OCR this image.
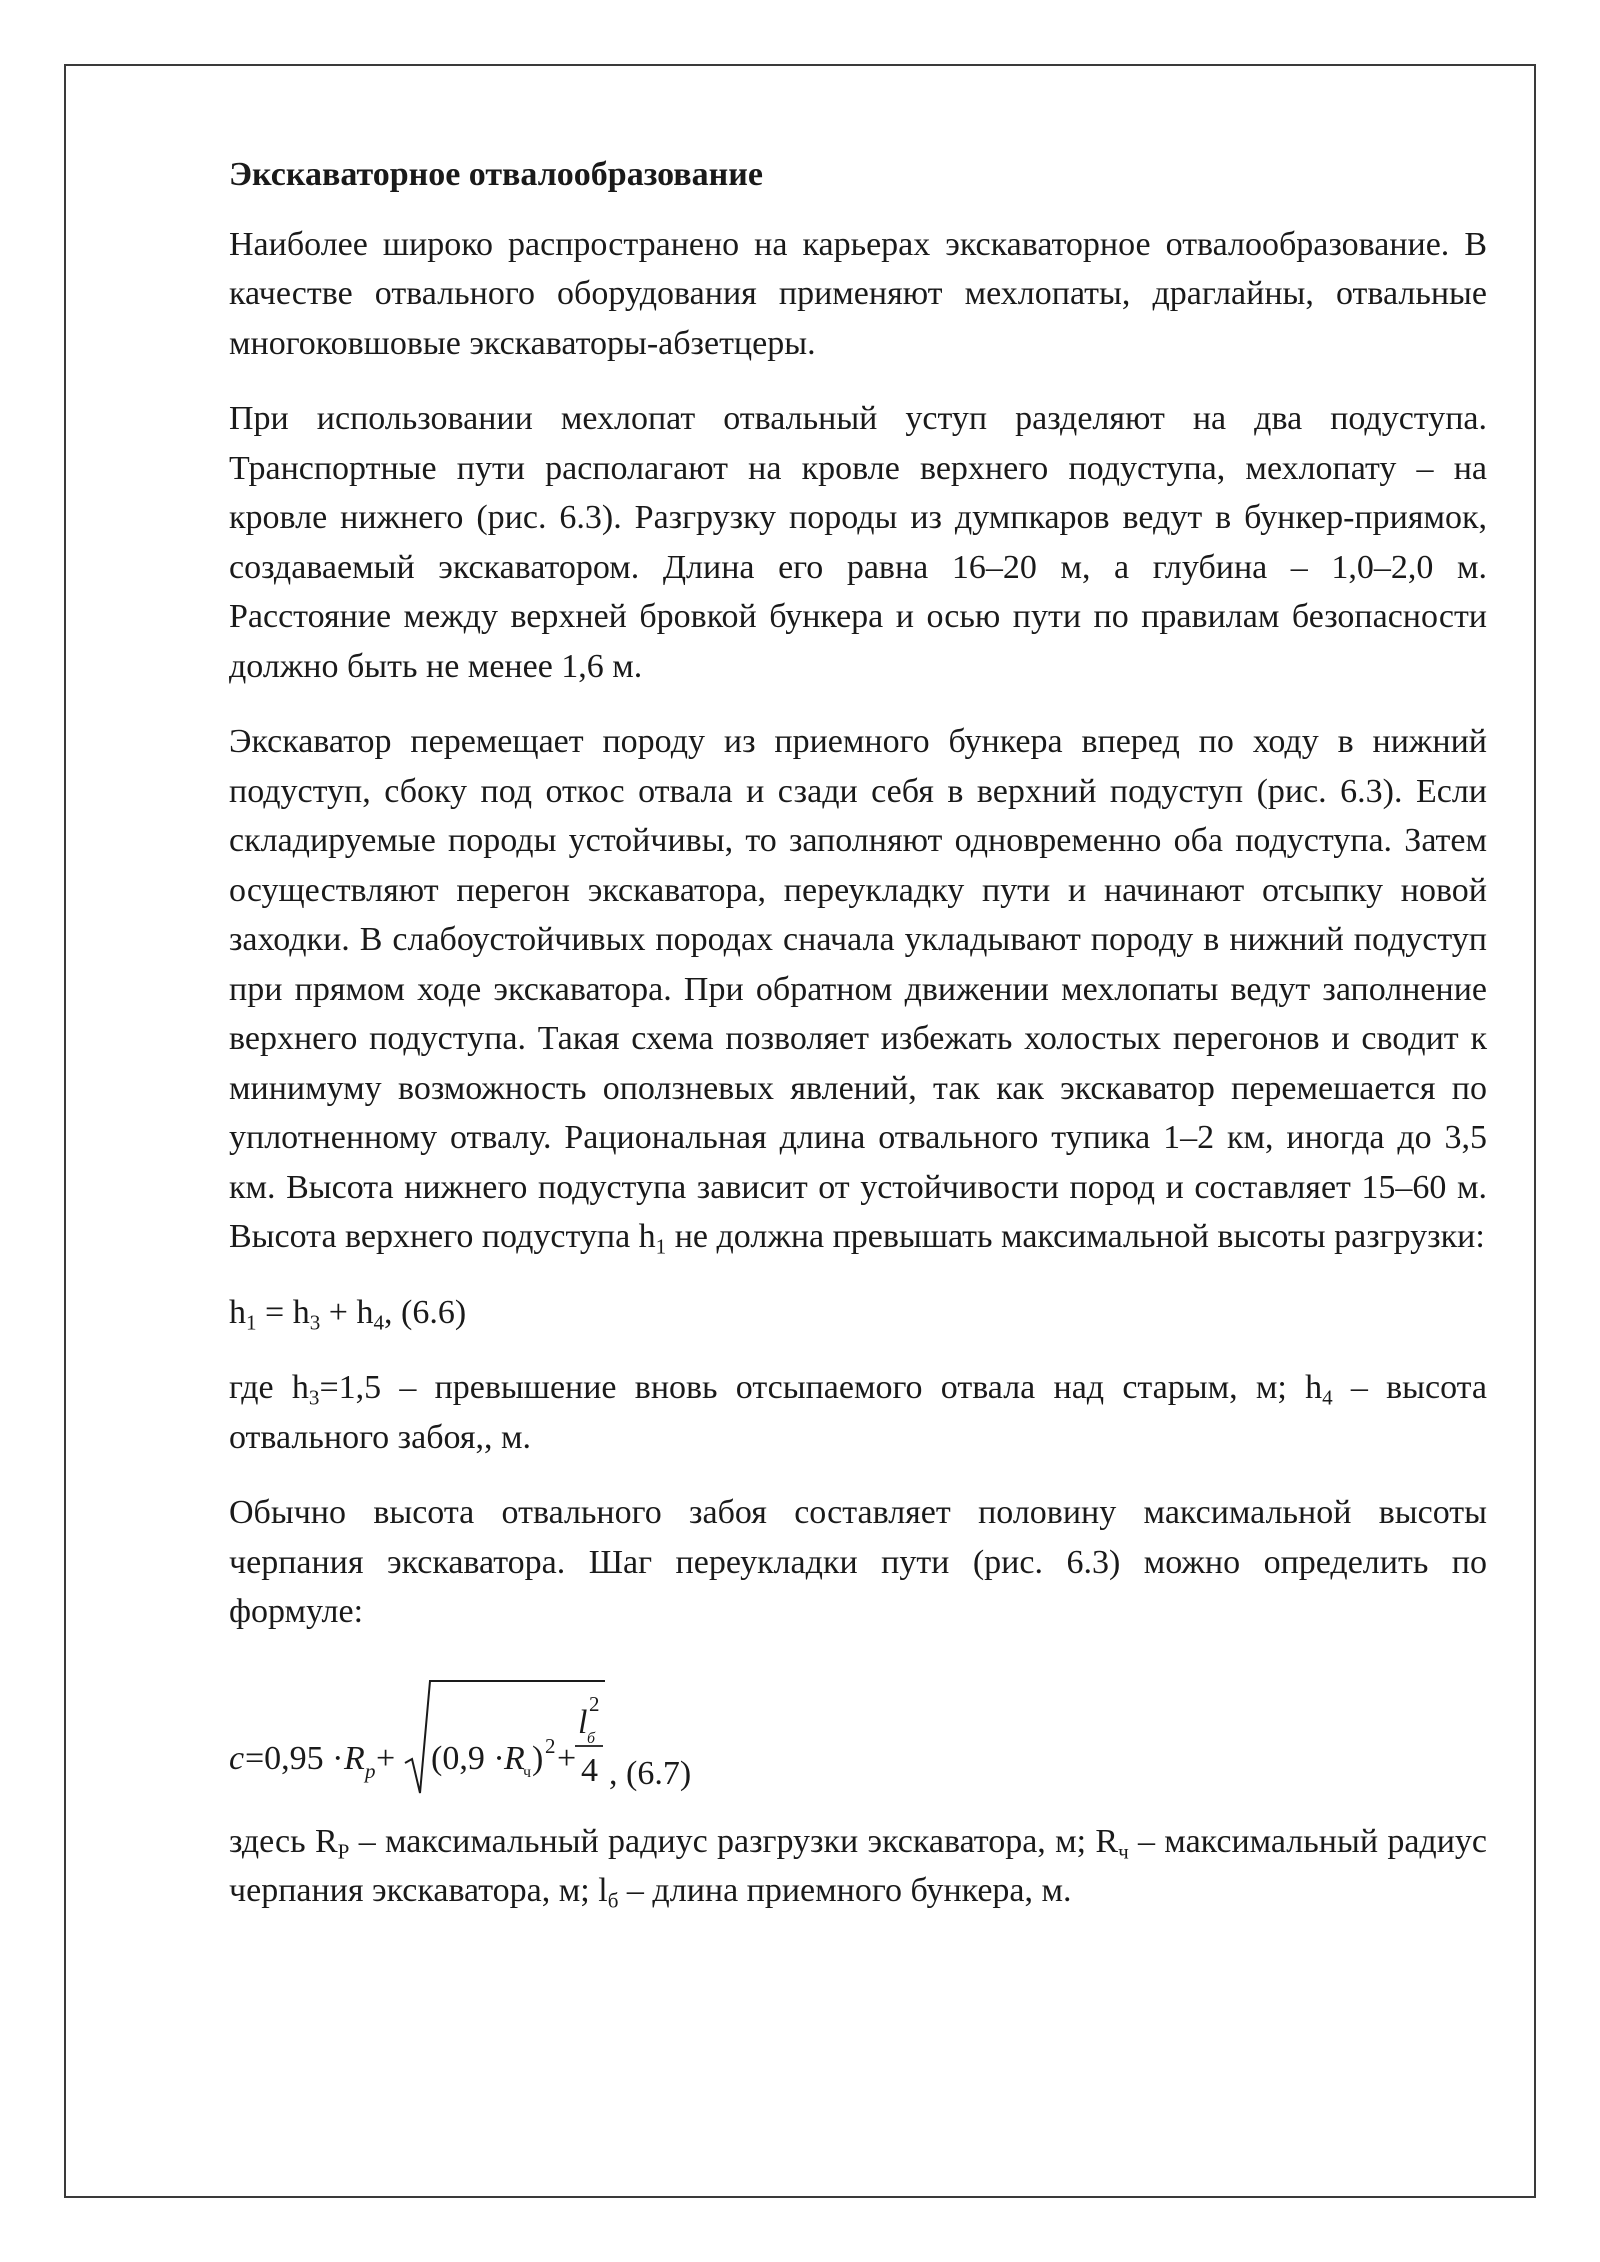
Экскаваторное отвалообразование

Наиболее широко распространено на карьерах экскаваторное отвалообразование. В качестве отвального оборудования применяют мехлопаты, драглайны, отвальные многоковшовые экскаваторы-абзетцеры.

При использовании мехлопат отвальный уступ разделяют на два подуступа. Транспортные пути располагают на кровле верхнего подуступа, мехлопату – на кровле нижнего (рис. 6.3). Разгрузку породы из думпкаров ведут в бункер-приямок, создаваемый экскаватором. Длина его равна 16–20 м, а глубина – 1,0–2,0 м. Расстояние между верхней бровкой бункера и осью пути по правилам безопасности должно быть не менее 1,6 м.

Экскаватор перемещает породу из приемного бункера вперед по ходу в нижний подуступ, сбоку под откос отвала и сзади себя в верхний подуступ (рис. 6.3). Если складируемые породы устойчивы, то заполняют одновременно оба подуступа. Затем осуществляют перегон экскаватора, переукладку пути и начинают отсыпку новой заходки. В слабоустойчивых породах сначала укладывают породу в нижний подуступ при прямом ходе экскаватора. При обратном движении мехлопаты ведут заполнение верхнего подуступа. Такая схема позволяет избежать холостых перегонов и сводит к минимуму возможность оползневых явлений, так как экскаватор перемешается по уплотненному отвалу. Рациональная длина отвального тупика 1–2 км, иногда до 3,5 км. Высота нижнего подуступа зависит от устойчивости пород и составляет 15–60 м. Высота верхнего подуступа $h_1$ не должна превышать максимальной высоты разгрузки:

$h_1 = h_3 + h_4$, (6.6)

где $h_3=1,5$ – превышение вновь отсыпаемого отвала над старым, м; $h_4$ – высота отвального забоя,, м.

Обычно высота отвального забоя составляет половину максимальной высоты черпания экскаватора. Шаг переукладки пути (рис. 6.3) можно определить по формуле:

c =0,95 · R p + (0,9 · R
ч ) 2 +
l б
2
4 , (6.7)

здесь $R_Р$ – максимальный радиус разгрузки экскаватора, м; $R_ч$ – максимальный радиус черпания экскаватора, м; $l_б$ – длина приемного бункера, м.
